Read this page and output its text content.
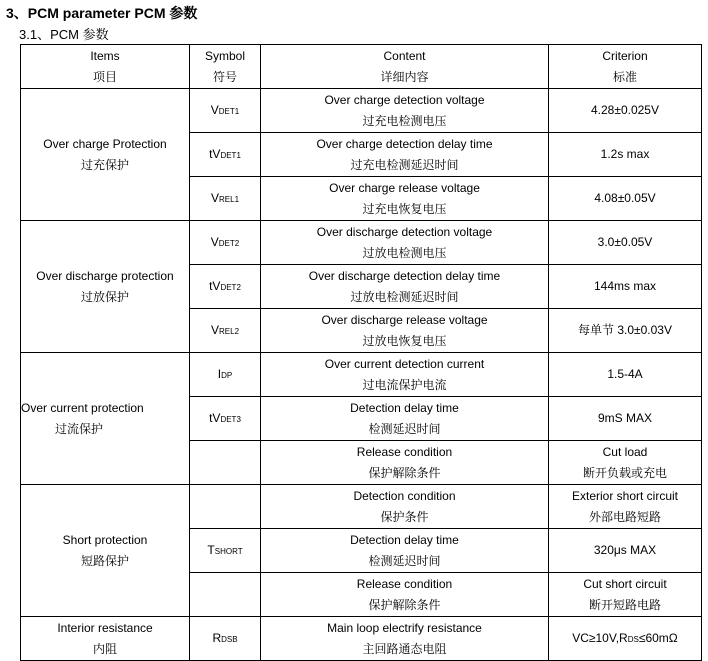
3、PCM parameter PCM 参数
3.1、PCM 参数
Items
项目	Symbol
符号	Content
详细内容	Criterion
标准

Over charge Protection
过充保护	VDET1	Over charge detection voltage
过充电检测电压	4.28±0.025V

	tVDET1	Over charge detection delay time
过充电检测延迟时间	1.2s max

	VREL1	Over charge release voltage
过充电恢复电压	4.08±0.05V

Over discharge protection
过放保护	VDET2	Over discharge detection voltage
过放电检测电压	3.0±0.05V

	tVDET2	Over discharge detection delay time
过放电检测延迟时间	144ms max

	VREL2	Over discharge release voltage
过放电恢复电压	每单节 3.0±0.03V

Over current protection
过流保护	IDP	Over current detection current
过电流保护电流	1.5-4A

	tVDET3	Detection delay time
检测延迟时间	9mS MAX

		Release condition
保护解除条件	Cut load
断开负载或充电

Short protection
短路保护		Detection condition
保护条件	Exterior short circuit
外部电路短路

	TSHORT	Detection delay time
检测延迟时间	320μs MAX

		Release condition
保护解除条件	Cut short circuit
断开短路电路

Interior resistance
内阻	RDSB	Main loop electrify resistance
主回路通态电阻	VC≥10V,RDS≤60mΩ
